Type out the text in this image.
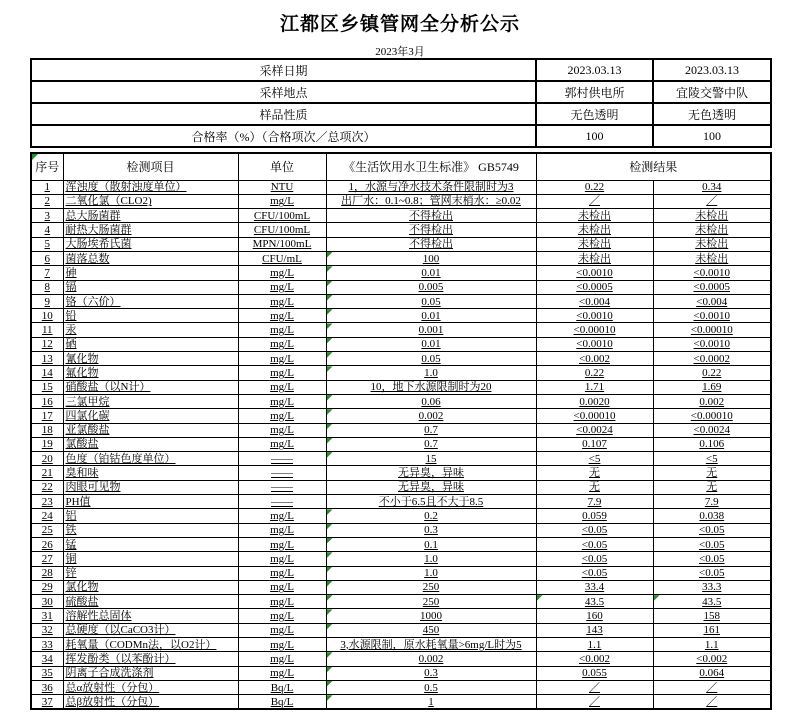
江都区乡镇管网全分析公示
2023年3月
采样日期	2023.03.13	2023.03.13
采样地点	郭村供电所	宜陵交警中队
样品性质	无色透明	无色透明
合格率（%）（合格项次／总项次）	100	100
序号	检测项目	单位	《生活饮用水卫生标准》 GB5749	检测结果	
1	浑浊度（散射浊度单位）	NTU	1，水源与净水技术条件限制时为3	0.22	0.34
2	二氧化氯（CLO2)	mg/L	出厂水：0.1~0.8；管网末梢水：≥0.02	／	／
3	总大肠菌群	CFU/100mL	不得检出	未检出	未检出
4	耐热大肠菌群	CFU/100mL	不得检出	未检出	未检出
5	大肠埃希氏菌	MPN/100mL	不得检出	未检出	未检出
6	菌落总数	CFU/mL	100	未检出	未检出
7	砷	mg/L	0.01	<0.0010	<0.0010
8	镉	mg/L	0.005	<0.0005	<0.0005
9	铬（六价）	mg/L	0.05	<0.004	<0.004
10	铅	mg/L	0.01	<0.0010	<0.0010
11	汞	mg/L	0.001	<0.00010	<0.00010
12	硒	mg/L	0.01	<0.0010	<0.0010
13	氰化物	mg/L	0.05	<0.002	<0.0002
14	氟化物	mg/L	1.0	0.22	0.22
15	硝酸盐（以N计）	mg/L	10，地下水源限制时为20	1.71	1.69
16	三氯甲烷	mg/L	0.06	0.0020	0.002
17	四氯化碳	mg/L	0.002	<0.00010	<0.00010
18	亚氯酸盐	mg/L	0.7	<0.0024	<0.0024
19	氯酸盐	mg/L	0.7	0.107	0.106
20	色度（铂钴色度单位）	——	15	<5	<5
21	臭和味	——	无异臭，异味	无	无
22	肉眼可见物	——	无异臭，异味	无	无
23	PH值	——	不小于6.5且不大于8.5	7.9	7.9
24	铝	mg/L	0.2	0.059	0.038
25	铁	mg/L	0.3	<0.05	<0.05
26	锰	mg/L	0.1	<0.05	<0.05
27	铜	mg/L	1.0	<0.05	<0.05
28	锌	mg/L	1.0	<0.05	<0.05
29	氯化物	mg/L	250	33.4	33.3
30	硫酸盐	mg/L	250	43.5	43.5

31	溶解性总固体	mg/L	1000	160	158
32	总硬度（以CaCO3计）	mg/L	450	143	161
33	耗氧量（CODMn法，以O2计）	mg/L	3,水源限制，原水耗氧量>6mg/L时为5	1.1	1.1
34	挥发酚类（以苯酚计）	mg/L	0.002	<0.002	<0.002
35	阴离子合成洗涤剂	mg/L	0.3	0.055	0.064
36	总α放射性（分包）	Bq/L	0.5	／	／
37	总β放射性（分包）	Bq/L	1	／	／
